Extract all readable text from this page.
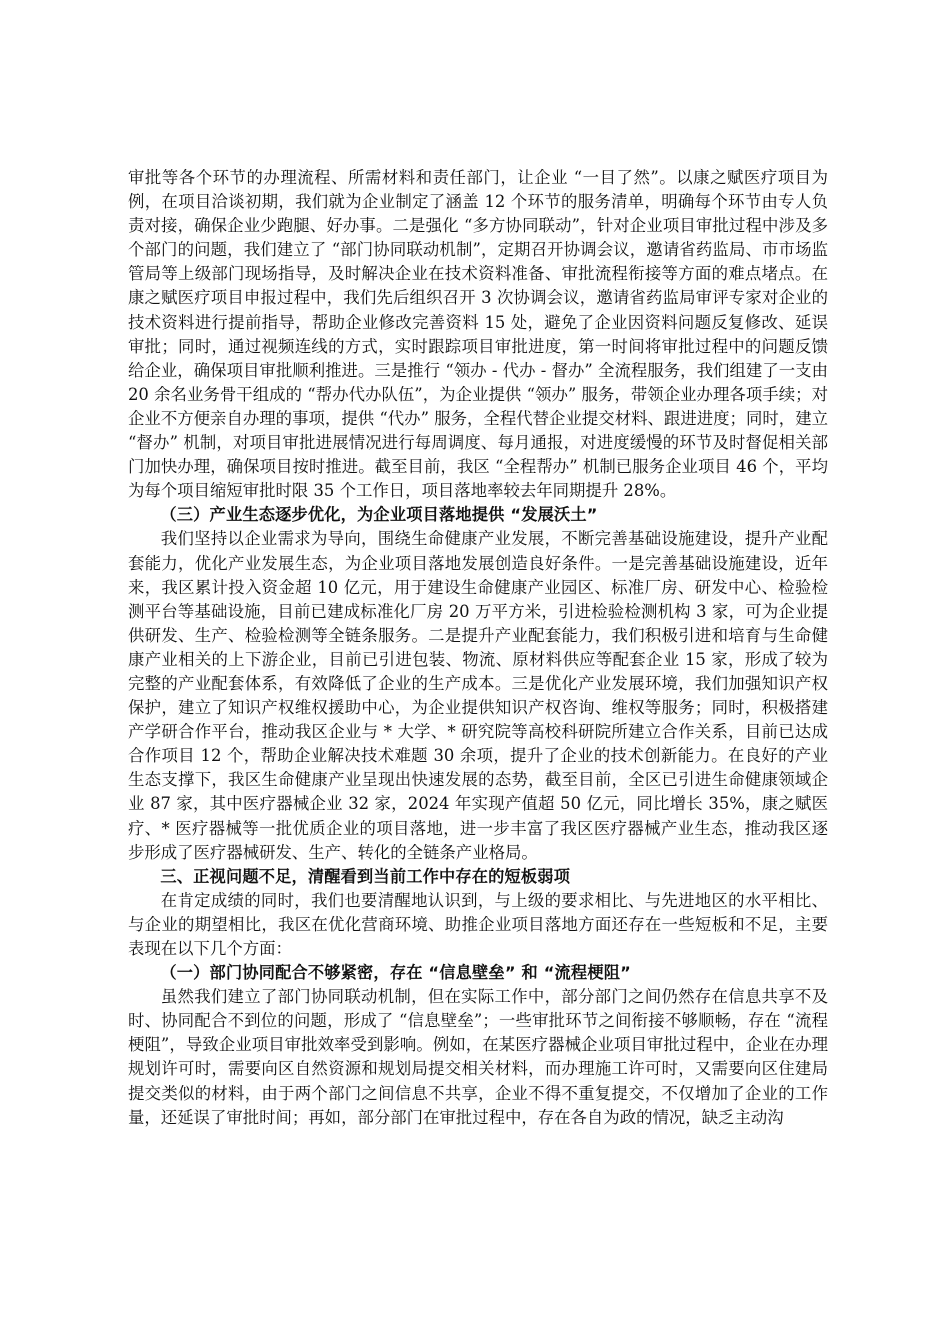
审批等各个环节的办理流程、所需材料和责任部门，让企业 “一目了然”。以康之赋医疗项目为例，在项目洽谈初期，我们就为企业制定了涵盖 12 个环节的服务清单，明确每个环节由专人负责对接，确保企业少跑腿、好办事。二是强化 “多方协同联动”，针对企业项目审批过程中涉及多个部门的问题，我们建立了 “部门协同联动机制”，定期召开协调会议，邀请省药监局、市市场监管局等上级部门现场指导，及时解决企业在技术资料准备、审批流程衔接等方面的难点堵点。在康之赋医疗项目申报过程中，我们先后组织召开 3 次协调会议，邀请省药监局审评专家对企业的技术资料进行提前指导，帮助企业修改完善资料 15 处，避免了企业因资料问题反复修改、延误审批；同时，通过视频连线的方式，实时跟踪项目审批进度，第一时间将审批过程中的问题反馈给企业，确保项目审批顺利推进。三是推行 “领办 - 代办 - 督办” 全流程服务，我们组建了一支由 20 余名业务骨干组成的 “帮办代办队伍”，为企业提供 “领办” 服务，带领企业办理各项手续；对企业不方便亲自办理的事项，提供 “代办” 服务，全程代替企业提交材料、跟进进度；同时，建立 “督办” 机制，对项目审批进展情况进行每周调度、每月通报，对进度缓慢的环节及时督促相关部门加快办理，确保项目按时推进。截至目前，我区 “全程帮办” 机制已服务企业项目 46 个，平均为每个项目缩短审批时限 35 个工作日，项目落地率较去年同期提升 28%。

（三）产业生态逐步优化，为企业项目落地提供 “发展沃土”

我们坚持以企业需求为导向，围绕生命健康产业发展，不断完善基础设施建设，提升产业配套能力，优化产业发展生态，为企业项目落地发展创造良好条件。一是完善基础设施建设，近年来，我区累计投入资金超 10 亿元，用于建设生命健康产业园区、标准厂房、研发中心、检验检测平台等基础设施，目前已建成标准化厂房 20 万平方米，引进检验检测机构 3 家，可为企业提供研发、生产、检验检测等全链条服务。二是提升产业配套能力，我们积极引进和培育与生命健康产业相关的上下游企业，目前已引进包装、物流、原材料供应等配套企业 15 家，形成了较为完整的产业配套体系，有效降低了企业的生产成本。三是优化产业发展环境，我们加强知识产权保护，建立了知识产权维权援助中心，为企业提供知识产权咨询、维权等服务；同时，积极搭建产学研合作平台，推动我区企业与 * 大学、* 研究院等高校科研院所建立合作关系，目前已达成合作项目 12 个，帮助企业解决技术难题 30 余项，提升了企业的技术创新能力。在良好的产业生态支撑下，我区生命健康产业呈现出快速发展的态势，截至目前，全区已引进生命健康领域企业 87 家，其中医疗器械企业 32 家，2024 年实现产值超 50 亿元，同比增长 35%，康之赋医疗、* 医疗器械等一批优质企业的项目落地，进一步丰富了我区医疗器械产业生态，推动我区逐步形成了医疗器械研发、生产、转化的全链条产业格局。

三、正视问题不足，清醒看到当前工作中存在的短板弱项

在肯定成绩的同时，我们也要清醒地认识到，与上级的要求相比、与先进地区的水平相比、与企业的期望相比，我区在优化营商环境、助推企业项目落地方面还存在一些短板和不足，主要表现在以下几个方面：

（一）部门协同配合不够紧密，存在 “信息壁垒” 和 “流程梗阻”

虽然我们建立了部门协同联动机制，但在实际工作中，部分部门之间仍然存在信息共享不及时、协同配合不到位的问题，形成了 “信息壁垒”；一些审批环节之间衔接不够顺畅，存在 “流程梗阻”，导致企业项目审批效率受到影响。例如，在某医疗器械企业项目审批过程中，企业在办理规划许可时，需要向区自然资源和规划局提交相关材料，而办理施工许可时，又需要向区住建局提交类似的材料，由于两个部门之间信息不共享，企业不得不重复提交，不仅增加了企业的工作量，还延误了审批时间；再如，部分部门在审批过程中，存在各自为政的情况，缺乏主动沟
